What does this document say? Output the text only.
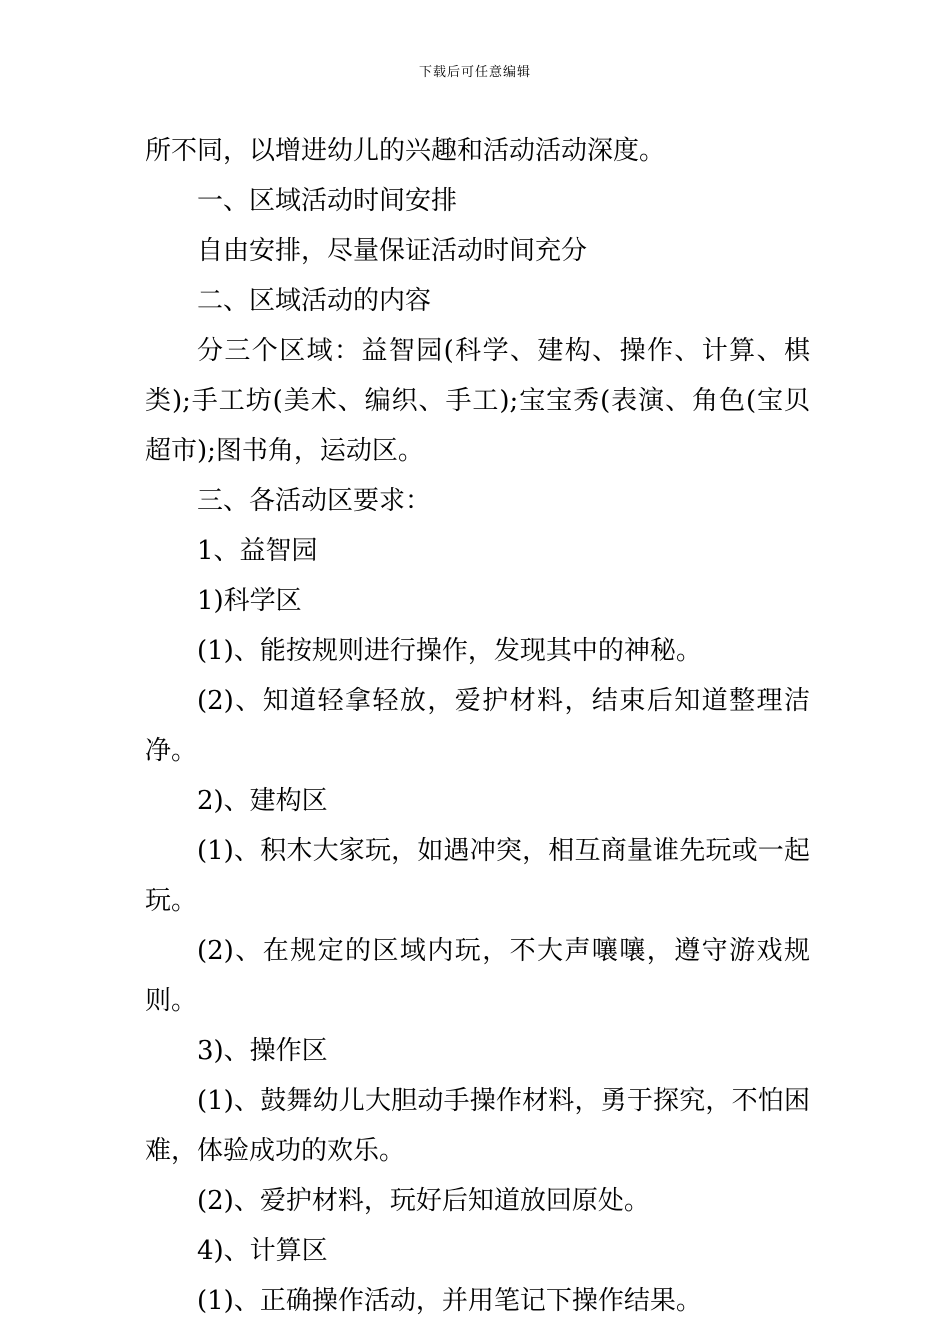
下载后可任意编辑

所不同，以增进幼儿的兴趣和活动活动深度。

一、区域活动时间安排

自由安排，尽量保证活动时间充分

二、区域活动的内容

分三个区域：益智园(科学、建构、操作、计算、棋类);手工坊(美术、编织、手工);宝宝秀(表演、角色(宝贝超市);图书角，运动区。

三、各活动区要求：

1、益智园

1)科学区

(1)、能按规则进行操作，发现其中的神秘。

(2)、知道轻拿轻放，爱护材料，结束后知道整理洁净。

2)、建构区

(1)、积木大家玩，如遇冲突，相互商量谁先玩或一起玩。

(2)、在规定的区域内玩，不大声嚷嚷，遵守游戏规则。

3)、操作区

(1)、鼓舞幼儿大胆动手操作材料，勇于探究，不怕困难，体验成功的欢乐。

(2)、爱护材料，玩好后知道放回原处。

4)、计算区

(1)、正确操作活动，并用笔记下操作结果。
